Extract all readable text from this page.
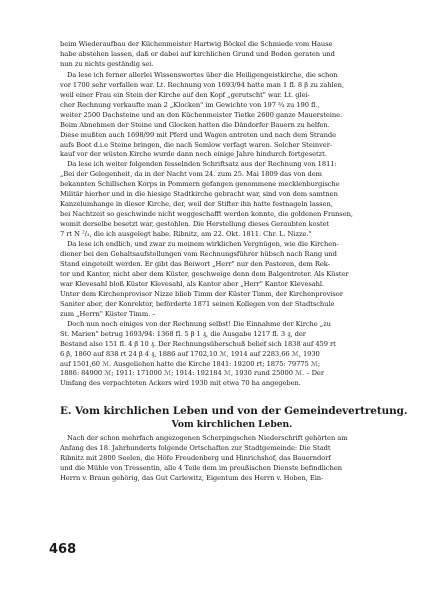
beim Wiederaufbau der Küchenmeister Hartwig Böckel die Schmiede vom Hause
habe abstehen lassen, daß er dabei auf kirchlichen Grund und Boden geraten und
nun zu nichts geständig sei.
Da lese ich ferner allerlei Wissenswertes über die Heiligengeistkirche, die schon
vor 1700 sehr verfallen war. Lt. Rechnung von 1693/94 hatte man 1 fl. 8 β zu zahlen,
weil einer Frau ein Stein der Kirche auf den Kopf „gerutscht" war. Lt. glei-
cher Rechnung verkaufte man 2 „Klocken" im Gewichte von 197 ¾ zu 190 fl.,
weiter 2500 Dachsteine und an den Küchenmeister Tietke 2600 ganze Mauersteine.
Beim Abnehmen der Steine und Glocken hatten die Dändorfer Bauern zu helfen.
Diese mußten auch 1698/99 mit Pferd und Wagen antreten und nach dem Strande
aufs Boot d.i.e Steine bringen, die nach Semlow verfagt waren. Solcher Steinver-
kauf vor der wüsten Kirche wurde dann noch einige Jahre hindurch fortgesetzt.
Da lese ich weiter folgenden fesselnden Schriftsatz aus der Rechnung von 1811:
„Bei der Gelegenheit, da in der Nacht vom 24. zum 25. Mai 1809 das von dem
bekannten Schillschen Korps in Pommern gefangen genommene mecklenburgische
Militär hierher und in die hiesige Stadtkirche gebracht war, sind von dem samtnen
Kanzelumhange in dieser Kirche, der, weil der Stifter ihn hatte festnageln lassen,
bei Nachtzeit so geschwinde nicht weggeschafft werden konnte, die goldenen Fransen,
womit derselbe besetzt war, gestohlen. Die Herstellung dieses Geraubten kostet
7 rt N ²/₃, die ich ausgelegt habe. Ribnitz, am 22. Okt. 1811. Chr. L. Nizze."
Da lese ich endlich, und zwar zu meinem wirklichen Vergnügen, wie die Kirchen-
diener bei den Gehaltsaufstellungen vom Rechnungsführer hübsch nach Rang und
Stand eingeteilt werden. Er gibt das Beiwort „Herr" nur den Pastoren, dem Rek-
tor und Kantor, nicht aber dem Küster, geschweige denn dem Balgentreter. Als Küster
war Klevesahl bloß Küster Klevesahl, als Kantor aber „Herr" Kantor Klevesahl.
Unter dem Kirchenprovisor Nizze blieb Timm der Küster Timm, der Kirchenprovisor
Saniter aber, der Konrektor, beförderte 1871 seinen Kollegen von der Stadtschule
zum „Herrn" Küster Timm. –
Doch nun noch einiges von der Rechnung selbst! Die Einnahme der Kirche „zu
St. Marien" betrug 1693/94: 1368 fl. 5 β 1 ₰, die Ausgabe 1217 fl. 3 ₰, der
Bestand also 151 fl. 4 β 10 ₰. Der Rechnungsüberschuß belief sich 1838 auf 459 rt
6 β, 1860 auf 838 rt 24 β 4 ₰, 1886 auf 1702,10 ℳ, 1914 auf 2283,66 ℳ, 1930
auf 1501,60 ℳ. Ausgeliehen hatte die Kirche 1841: 19200 rt; 1875: 79775 ℳ;
1886: 84900 ℳ; 1911: 171000 ℳ; 1914: 192184 ℳ, 1930 rund 25000 ℳ. – Der
Umfang des verpachteten Ackers wird 1930 mit etwa 70 ha angegeben.
E. Vom kirchlichen Leben und von der Gemeindevertretung.
Vom kirchlichen Leben.
Nach der schon mehrfach angezogenen Scherpingschen Niederschrift gehörten am
Anfang des 18. Jahrhunderts folgende Ortschaften zur Stadtgemeinde: Die Stadt
Ribnitz mit 2800 Seelen, die Höfe Freudenberg und Hinrichshof, das Bauerndorf
und die Mühle von Tressentin, alle 4 Teile dem im preußischen Dienste befindlichen
Herrn v. Braun gehörig, das Gut Carlewitz, Eigentum des Herrn v. Hoben, Ein-
468
